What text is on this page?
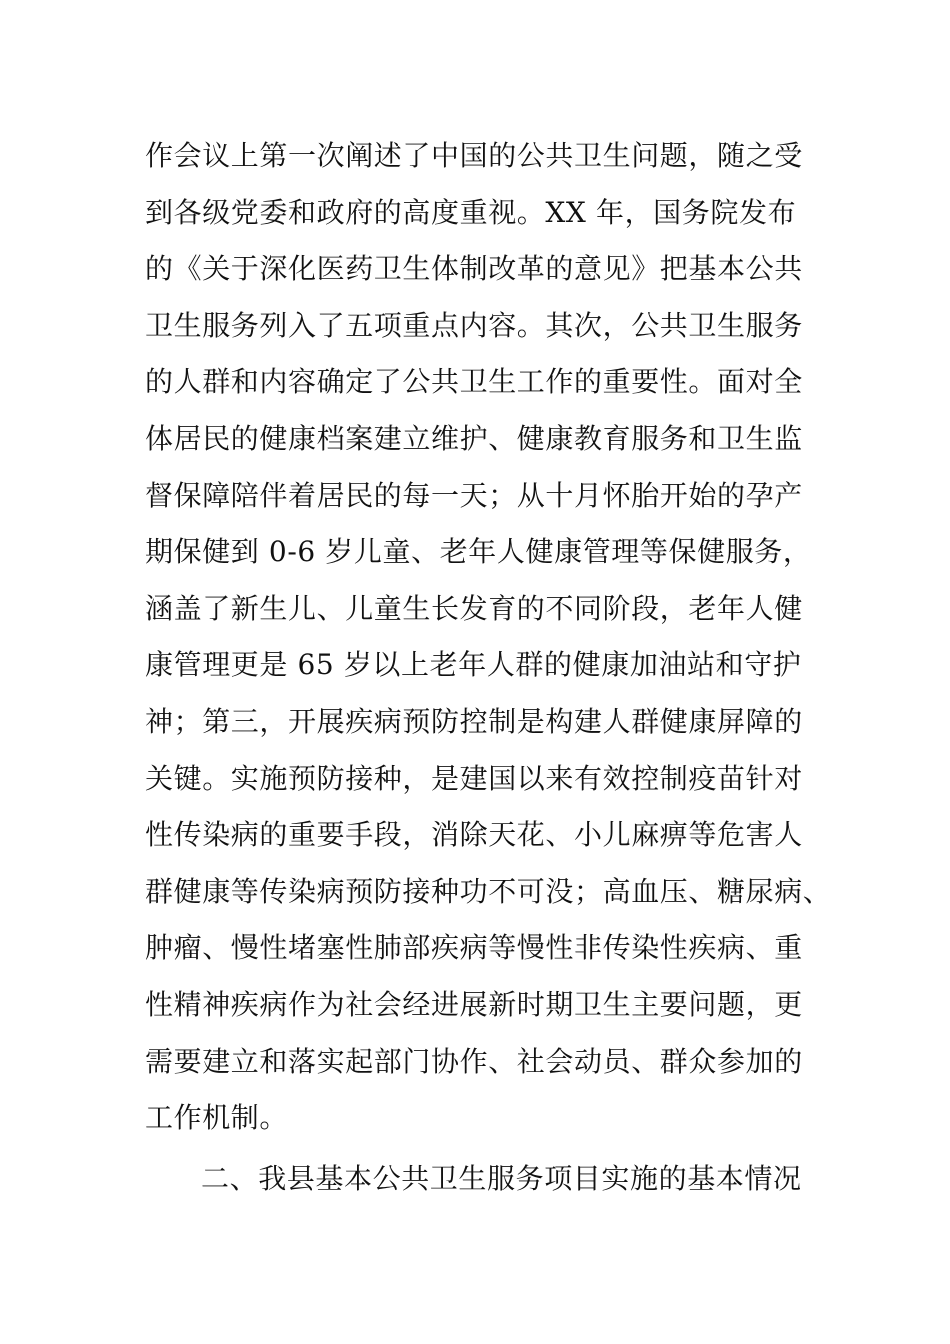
作会议上第一次阐述了中国的公共卫生问题，随之受
到各级党委和政府的高度重视。XX 年，国务院发布
的《关于深化医药卫生体制改革的意见》把基本公共
卫生服务列入了五项重点内容。其次，公共卫生服务
的人群和内容确定了公共卫生工作的重要性。面对全
体居民的健康档案建立维护、健康教育服务和卫生监
督保障陪伴着居民的每一天；从十月怀胎开始的孕产
期保健到 0-6 岁儿童、老年人健康管理等保健服务，
涵盖了新生儿、儿童生长发育的不同阶段，老年人健
康管理更是 65 岁以上老年人群的健康加油站和守护
神；第三，开展疾病预防控制是构建人群健康屏障的
关键。实施预防接种，是建国以来有效控制疫苗针对
性传染病的重要手段，消除天花、小儿麻痹等危害人
群健康等传染病预防接种功不可没；高血压、糖尿病、
肿瘤、慢性堵塞性肺部疾病等慢性非传染性疾病、重
性精神疾病作为社会经进展新时期卫生主要问题，更
需要建立和落实起部门协作、社会动员、群众参加的
工作机制。
二、我县基本公共卫生服务项目实施的基本情况
